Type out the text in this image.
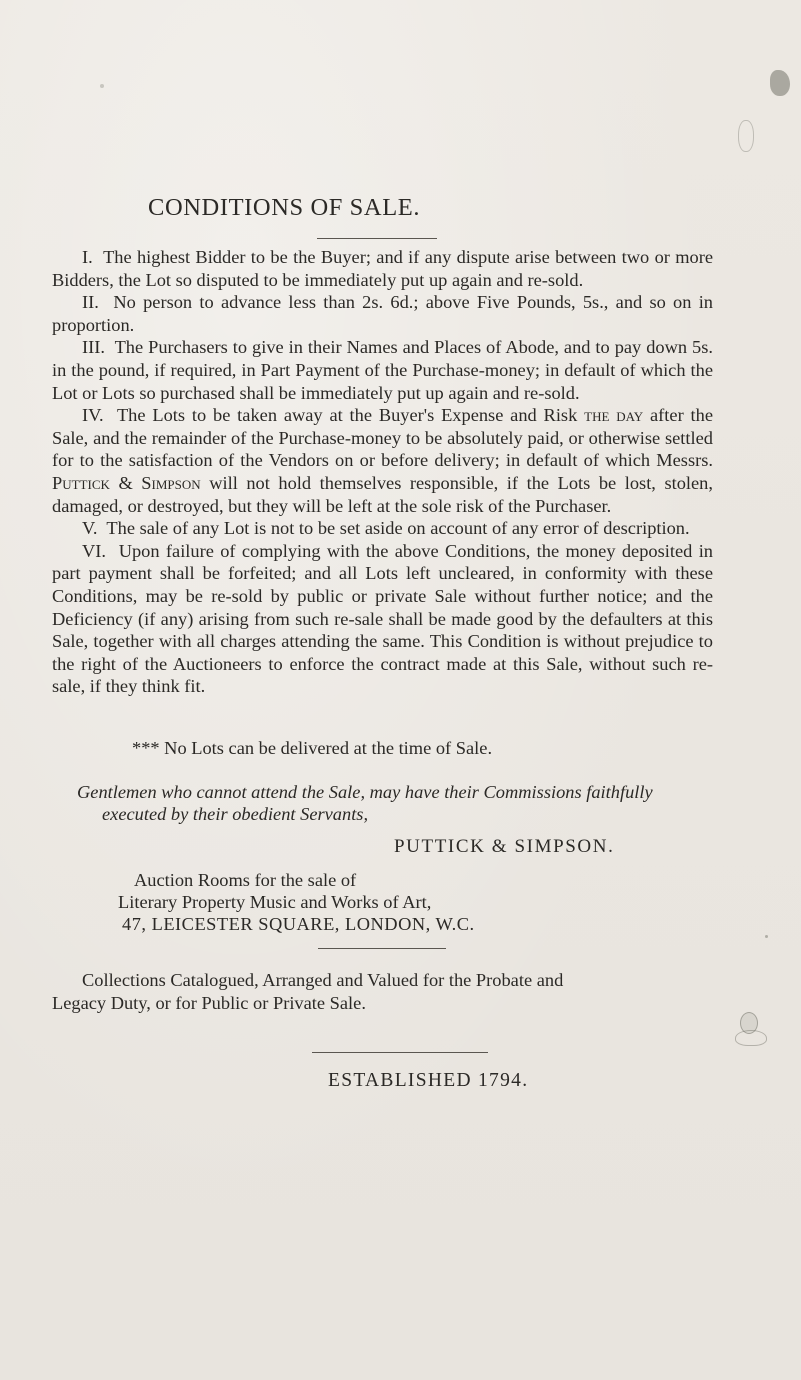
CONDITIONS OF SALE.

I. The highest Bidder to be the Buyer; and if any dispute arise between two or more Bidders, the Lot so disputed to be immediately put up again and re-sold.

II. No person to advance less than 2s. 6d.; above Five Pounds, 5s., and so on in proportion.

III. The Purchasers to give in their Names and Places of Abode, and to pay down 5s. in the pound, if required, in Part Payment of the Purchase-money; in default of which the Lot or Lots so purchased shall be immediately put up again and re-sold.

IV. The Lots to be taken away at the Buyer's Expense and Risk the day after the Sale, and the remainder of the Purchase-money to be absolutely paid, or otherwise settled for to the satisfaction of the Vendors on or before delivery; in default of which Messrs. Puttick & Simpson will not hold themselves responsible, if the Lots be lost, stolen, damaged, or destroyed, but they will be left at the sole risk of the Purchaser.

V. The sale of any Lot is not to be set aside on account of any error of description.

VI. Upon failure of complying with the above Conditions, the money deposited in part payment shall be forfeited; and all Lots left uncleared, in conformity with these Conditions, may be re-sold by public or private Sale without further notice; and the Deficiency (if any) arising from such re-sale shall be made good by the defaulters at this Sale, together with all charges attending the same. This Condition is without prejudice to the right of the Auctioneers to enforce the contract made at this Sale, without such re-sale, if they think fit.

*** No Lots can be delivered at the time of Sale.
Gentlemen who cannot attend the Sale, may have their Commissions faithfully
executed by their obedient Servants,
PUTTICK & SIMPSON.
Auction Rooms for the sale of
Literary Property Music and Works of Art,
47, LEICESTER SQUARE, LONDON, W.C.
Collections Catalogued, Arranged and Valued for the Probate and
Legacy Duty, or for Public or Private Sale.
ESTABLISHED 1794.
